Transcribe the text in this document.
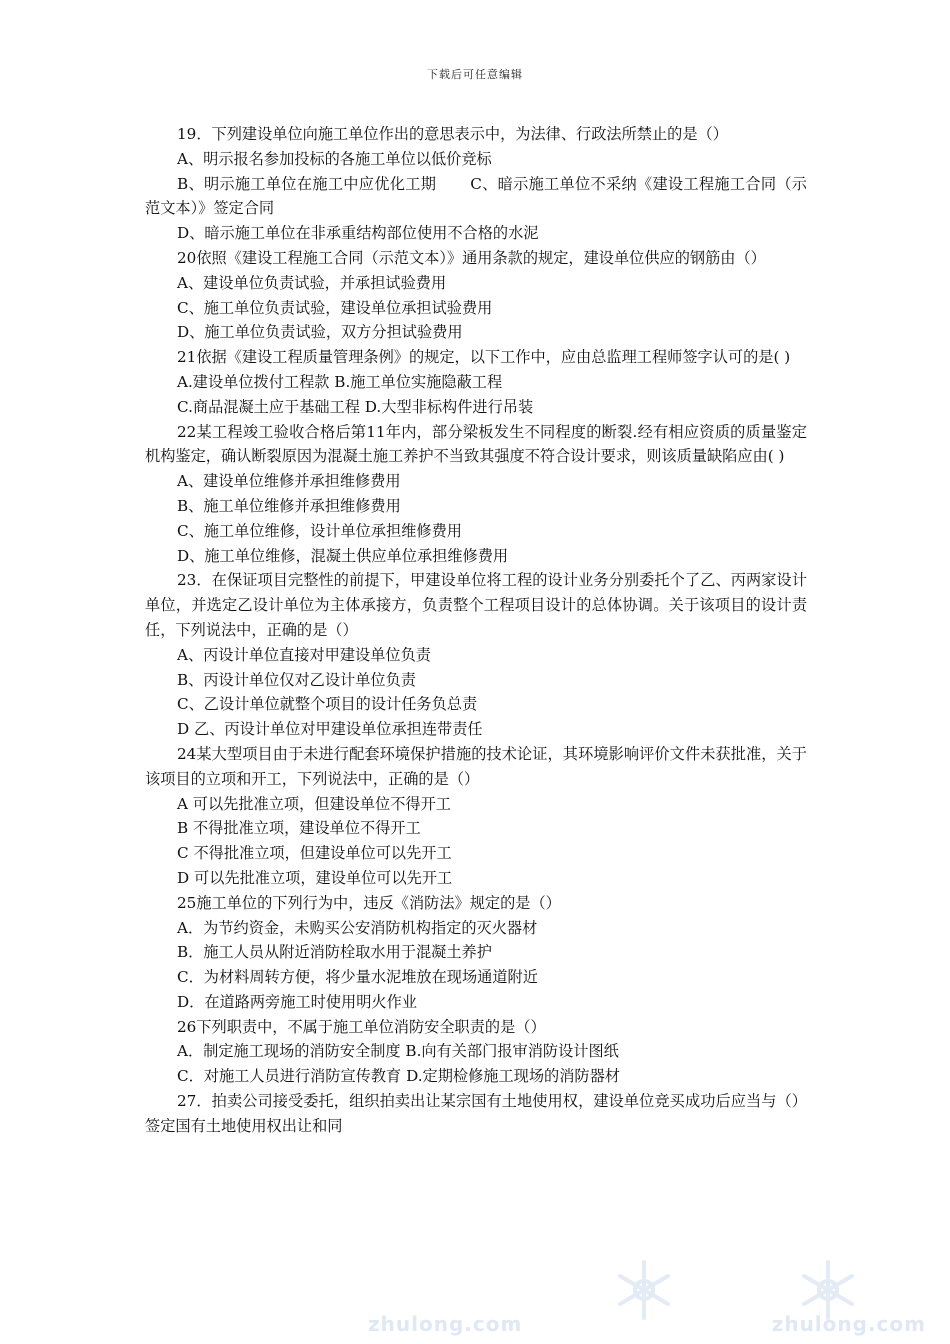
下载后可任意编辑

19．下列建设单位向施工单位作出的意思表示中，为法律、行政法所禁止的是（）

A、明示报名参加投标的各施工单位以低价竞标

B、明示施工单位在施工中应优化工期 C、暗示施工单位不采纳《建设工程施工合同（示范文本）》签定合同

D、暗示施工单位在非承重结构部位使用不合格的水泥

20依照《建设工程施工合同（示范文本）》通用条款的规定，建设单位供应的钢筋由（）

A、建设单位负责试验，并承担试验费用

C、施工单位负责试验，建设单位承担试验费用

D、施工单位负责试验，双方分担试验费用

21依据《建设工程质量管理条例》的规定，以下工作中，应由总监理工程师签字认可的是( )

A.建设单位拨付工程款 B.施工单位实施隐蔽工程

C.商品混凝土应于基础工程 D.大型非标构件进行吊装

22某工程竣工验收合格后第11年内，部分梁板发生不同程度的断裂.经有相应资质的质量鉴定机构鉴定，确认断裂原因为混凝土施工养护不当致其强度不符合设计要求，则该质量缺陷应由( )

A、建设单位维修并承担维修费用

B、施工单位维修并承担维修费用

C、施工单位维修，设计单位承担维修费用

D、施工单位维修，混凝土供应单位承担维修费用

23．在保证项目完整性的前提下，甲建设单位将工程的设计业务分别委托个了乙、丙两家设计单位，并选定乙设计单位为主体承接方，负责整个工程项目设计的总体协调。关于该项目的设计责任，下列说法中，正确的是（）

A、丙设计单位直接对甲建设单位负责

B、丙设计单位仅对乙设计单位负责

C、乙设计单位就整个项目的设计任务负总责

D 乙、丙设计单位对甲建设单位承担连带责任

24某大型项目由于未进行配套环境保护措施的技术论证，其环境影响评价文件未获批准，关于该项目的立项和开工，下列说法中，正确的是（）

A 可以先批准立项，但建设单位不得开工

B 不得批准立项，建设单位不得开工

C 不得批准立项，但建设单位可以先开工

D 可以先批准立项，建设单位可以先开工

25施工单位的下列行为中，违反《消防法》规定的是（）

A．为节约资金，未购买公安消防机构指定的灭火器材

B．施工人员从附近消防栓取水用于混凝土养护

C．为材料周转方便，将少量水泥堆放在现场通道附近

D．在道路两旁施工时使用明火作业

26下列职责中，不属于施工单位消防安全职责的是（）

A．制定施工现场的消防安全制度 B.向有关部门报审消防设计图纸

C．对施工人员进行消防宣传教育 D.定期检修施工现场的消防器材

27．拍卖公司接受委托，组织拍卖出让某宗国有土地使用权，建设单位竞买成功后应当与（）签定国有土地使用权出让和同

zhulong.com	zhulong.com
